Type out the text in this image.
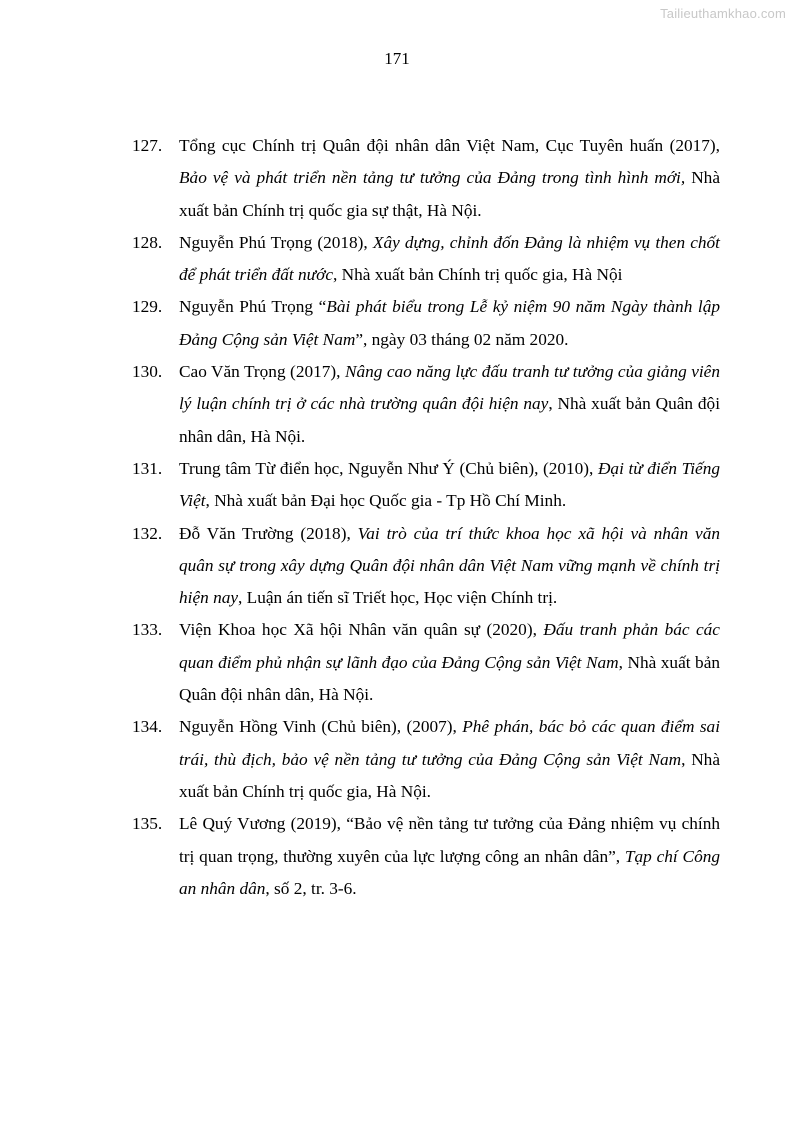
Tailieuthamkhao.com
171
127. Tổng cục Chính trị Quân đội nhân dân Việt Nam, Cục Tuyên huấn (2017), Bảo vệ và phát triển nền tảng tư tưởng của Đảng trong tình hình mới, Nhà xuất bản Chính trị quốc gia sự thật, Hà Nội.
128. Nguyễn Phú Trọng (2018), Xây dựng, chỉnh đốn Đảng là nhiệm vụ then chốt để phát triển đất nước, Nhà xuất bản Chính trị quốc gia, Hà Nội
129. Nguyễn Phú Trọng “Bài phát biểu trong Lễ kỷ niệm 90 năm Ngày thành lập Đảng Cộng sản Việt Nam”, ngày 03 tháng 02 năm 2020.
130. Cao Văn Trọng (2017), Nâng cao năng lực đấu tranh tư tưởng của giảng viên lý luận chính trị ở các nhà trường quân đội hiện nay, Nhà xuất bản Quân đội nhân dân, Hà Nội.
131. Trung tâm Từ điển học, Nguyễn Như Ý (Chủ biên), (2010), Đại từ điển Tiếng Việt, Nhà xuất bản Đại học Quốc gia - Tp Hồ Chí Minh.
132. Đỗ Văn Trường (2018), Vai trò của trí thức khoa học xã hội và nhân văn quân sự trong xây dựng Quân đội nhân dân Việt Nam vững mạnh về chính trị hiện nay, Luận án tiến sĩ Triết học, Học viện Chính trị.
133. Viện Khoa học Xã hội Nhân văn quân sự (2020), Đấu tranh phản bác các quan điểm phủ nhận sự lãnh đạo của Đảng Cộng sản Việt Nam, Nhà xuất bản Quân đội nhân dân, Hà Nội.
134. Nguyễn Hồng Vinh (Chủ biên), (2007), Phê phán, bác bỏ các quan điểm sai trái, thù địch, bảo vệ nền tảng tư tưởng của Đảng Cộng sản Việt Nam, Nhà xuất bản Chính trị quốc gia, Hà Nội.
135. Lê Quý Vương (2019), “Bảo vệ nền tảng tư tưởng của Đảng nhiệm vụ chính trị quan trọng, thường xuyên của lực lượng công an nhân dân”, Tạp chí Công an nhân dân, số 2, tr. 3-6.
